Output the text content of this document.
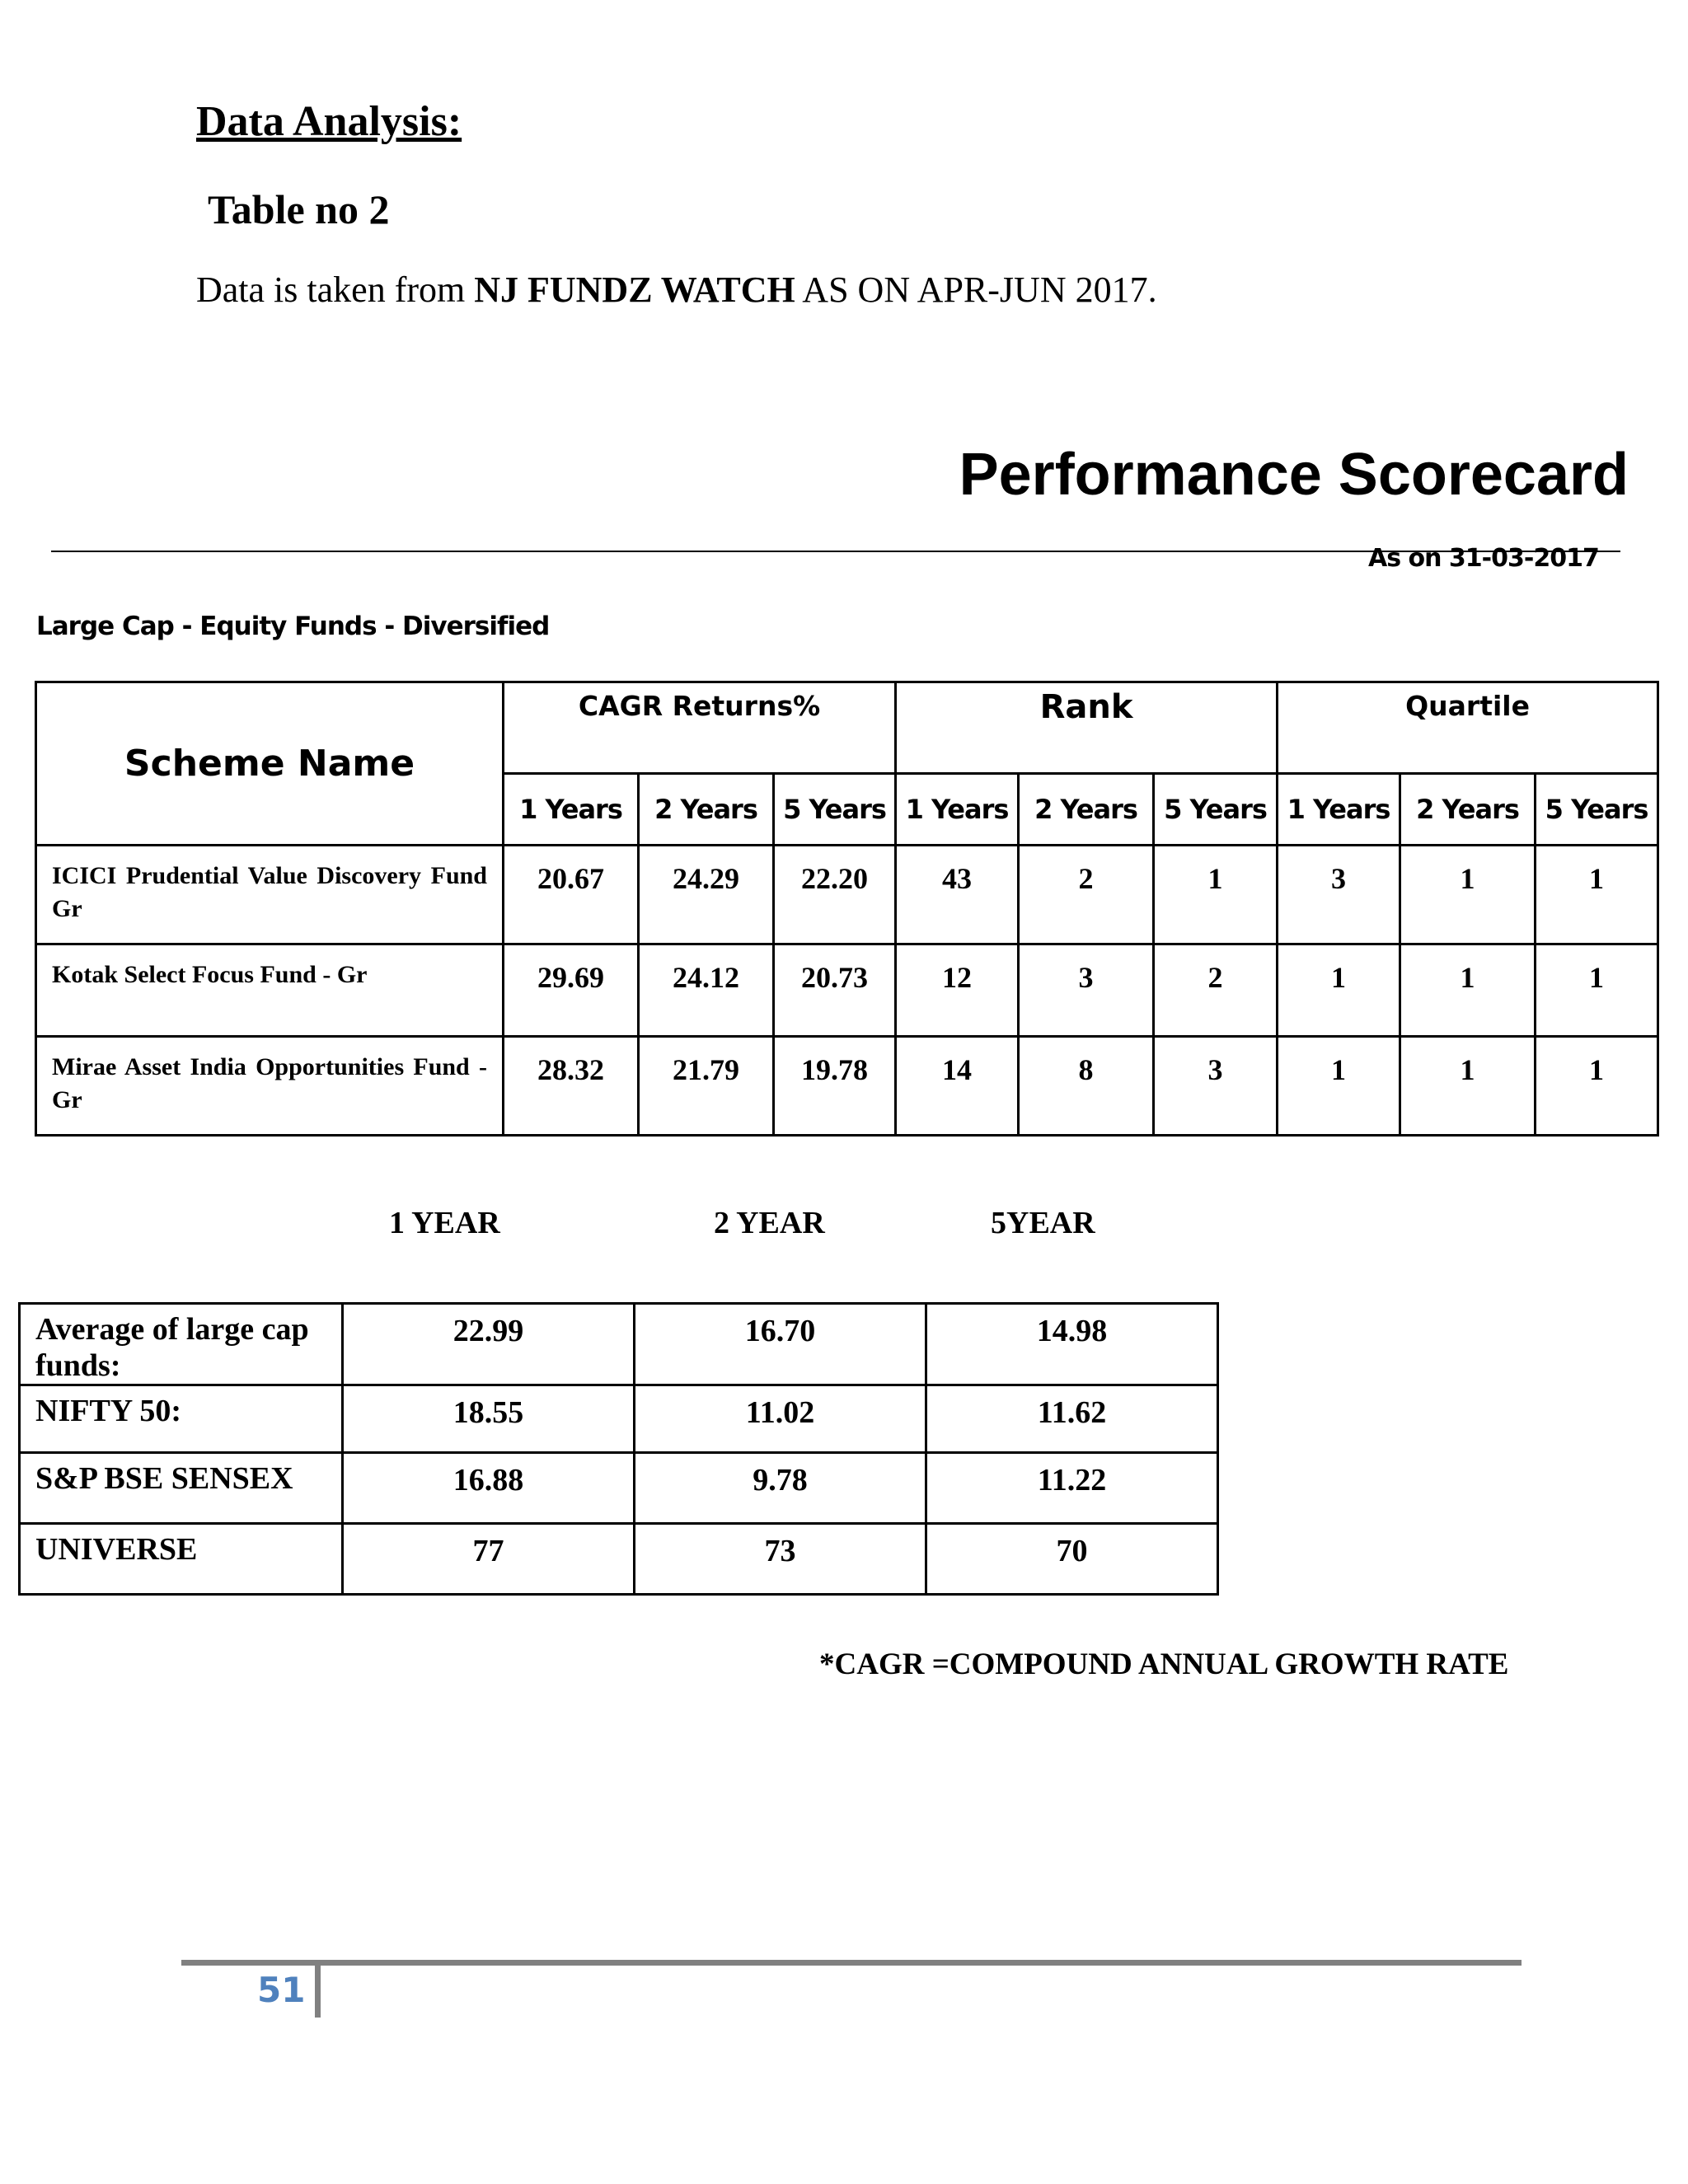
Data Analysis:
Table no 2
Data is taken from NJ FUNDZ WATCH AS ON APR-JUN 2017.
Performance Scorecard
As on 31-03-2017
Large Cap - Equity Funds - Diversified
Scheme Name	CAGR Returns%			Rank			Quartile		
	1 Years	2 Years	5 Years	1 Years	2 Years	5 Years	1 Years	2 Years	5 Years
ICICI Prudential Value Discovery Fund Gr	20.67	24.29	22.20	43	2	1	3	1	1
Kotak Select Focus Fund - Gr	29.69	24.12	20.73	12	3	2	1	1	1
Mirae Asset India Opportunities Fund - Gr	28.32	21.79	19.78	14	8	3	1	1	1
1 YEAR	2 YEAR	5YEAR
Average of large cap funds:	22.99	16.70	14.98
NIFTY 50:	18.55	11.02	11.62
S&P BSE SENSEX	16.88	9.78	11.22
UNIVERSE	77	73	70
*CAGR =COMPOUND ANNUAL GROWTH RATE
51
